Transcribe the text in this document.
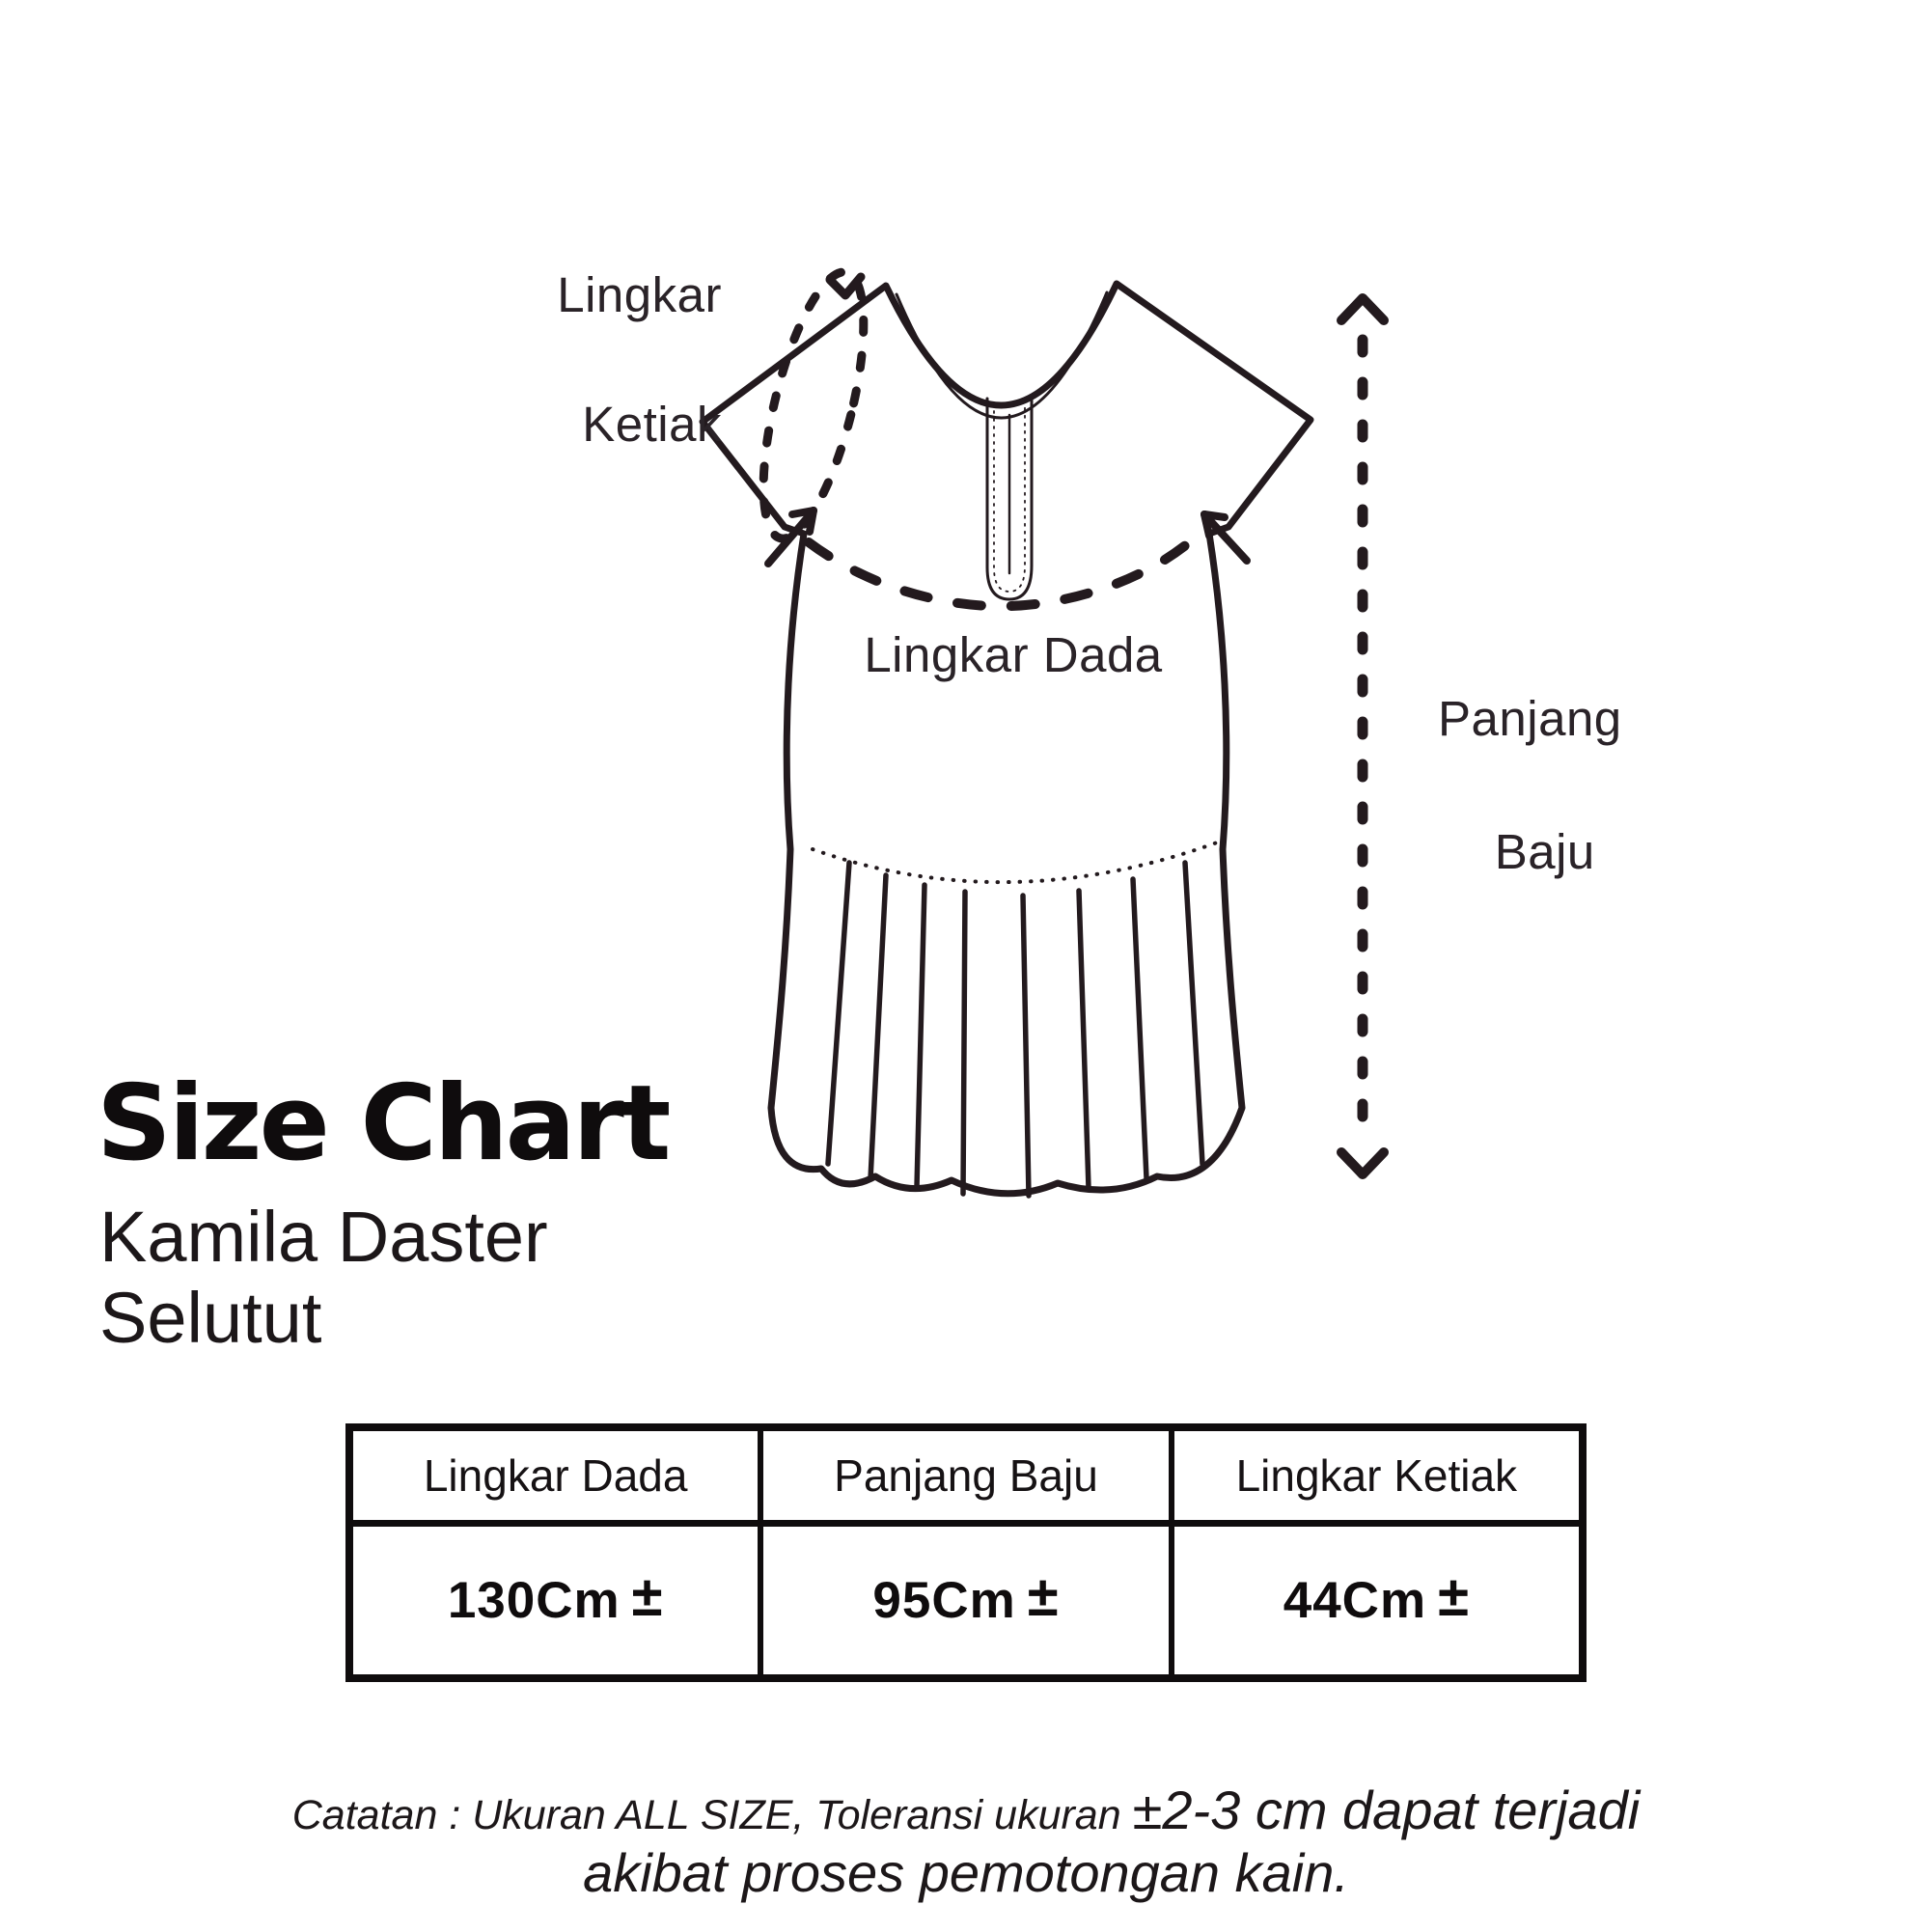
Lingkar

Ketiak
Lingkar Dada
Panjang

Baju
Size Chart
Kamila Daster
Selutut
Lingkar Dada	Panjang Baju	Lingkar Ketiak
130Cm ±	95Cm ±	44Cm ±
Catatan : Ukuran ALL SIZE, Toleransi ukuran ±2-3 cm dapat terjadi
akibat proses pemotongan kain.
